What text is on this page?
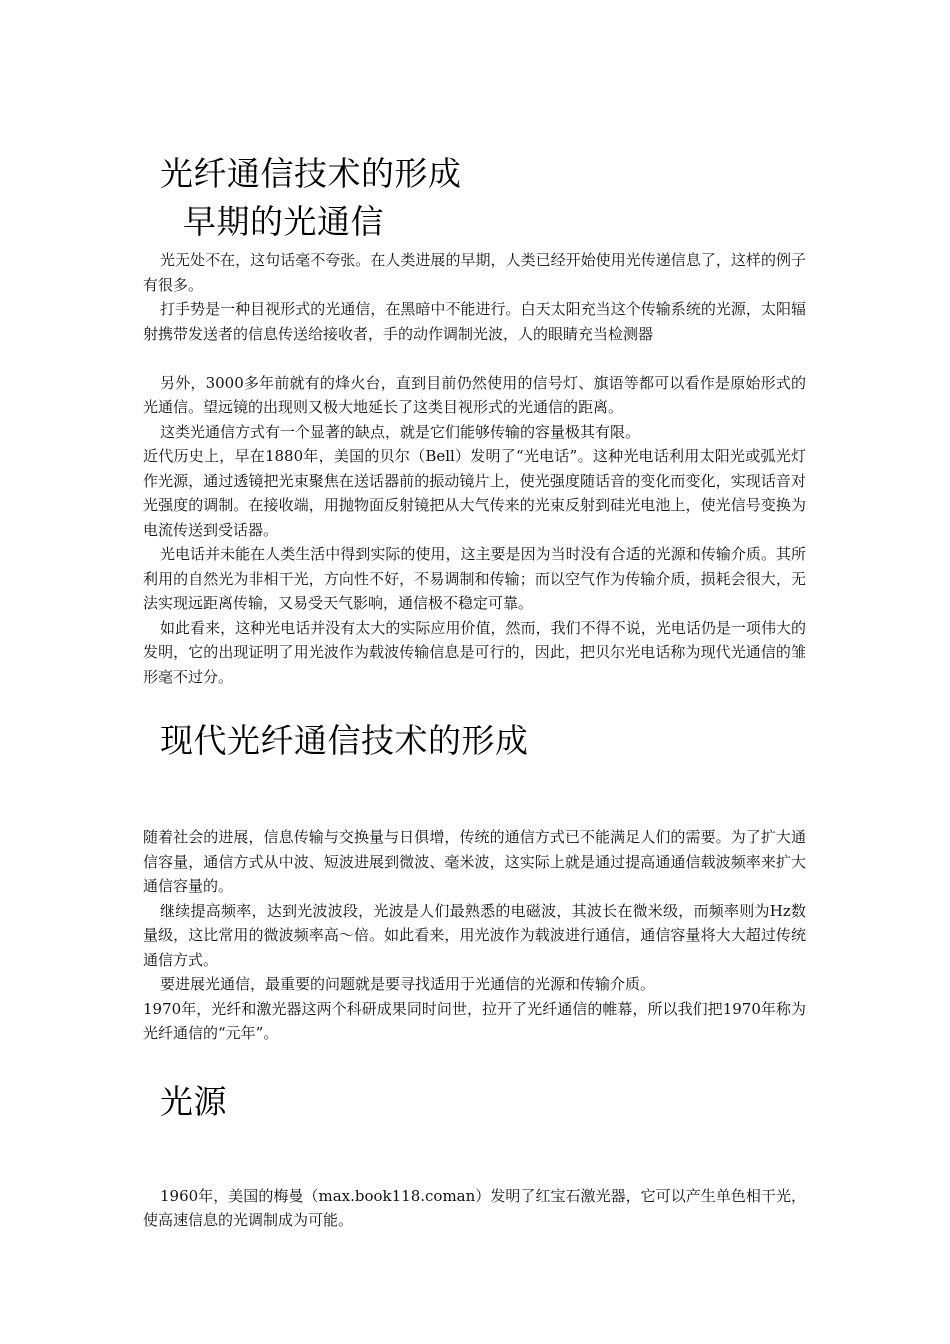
光纤通信技术的形成
早期的光通信

光无处不在，这句话毫不夸张。在人类进展的早期，人类已经开始使用光传递信息了，这样的例子有很多。

打手势是一种目视形式的光通信，在黑暗中不能进行。白天太阳充当这个传输系统的光源，太阳辐射携带发送者的信息传送给接收者，手的动作调制光波，人的眼睛充当检测器

另外，3000多年前就有的烽火台，直到目前仍然使用的信号灯、旗语等都可以看作是原始形式的光通信。望远镜的出现则又极大地延长了这类目视形式的光通信的距离。

这类光通信方式有一个显著的缺点，就是它们能够传输的容量极其有限。

近代历史上，早在1880年，美国的贝尔（Bell）发明了“光电话”。这种光电话利用太阳光或弧光灯作光源，通过透镜把光束聚焦在送话器前的振动镜片上，使光强度随话音的变化而变化，实现话音对光强度的调制。在接收端，用抛物面反射镜把从大气传来的光束反射到硅光电池上，使光信号变换为电流传送到受话器。

光电话并未能在人类生活中得到实际的使用，这主要是因为当时没有合适的光源和传输介质。其所利用的自然光为非相干光，方向性不好，不易调制和传输；而以空气作为传输介质，损耗会很大，无法实现远距离传输，又易受天气影响，通信极不稳定可靠。

如此看来，这种光电话并没有太大的实际应用价值，然而，我们不得不说，光电话仍是一项伟大的发明，它的出现证明了用光波作为载波传输信息是可行的，因此，把贝尔光电话称为现代光通信的雏形毫不过分。

现代光纤通信技术的形成

随着社会的进展，信息传输与交换量与日俱增，传统的通信方式已不能满足人们的需要。为了扩大通信容量，通信方式从中波、短波进展到微波、毫米波，这实际上就是通过提高通通信载波频率来扩大通信容量的。

继续提高频率，达到光波波段，光波是人们最熟悉的电磁波，其波长在微米级，而频率则为Hz数量级，这比常用的微波频率高～倍。如此看来，用光波作为载波进行通信，通信容量将大大超过传统通信方式。

要进展光通信，最重要的问题就是要寻找适用于光通信的光源和传输介质。

1970年，光纤和激光器这两个科研成果同时问世，拉开了光纤通信的帷幕，所以我们把1970年称为光纤通信的“元年”。

光源

1960年，美国的梅曼（max.book118.coman）发明了红宝石激光器，它可以产生单色相干光，使高速信息的光调制成为可能。
